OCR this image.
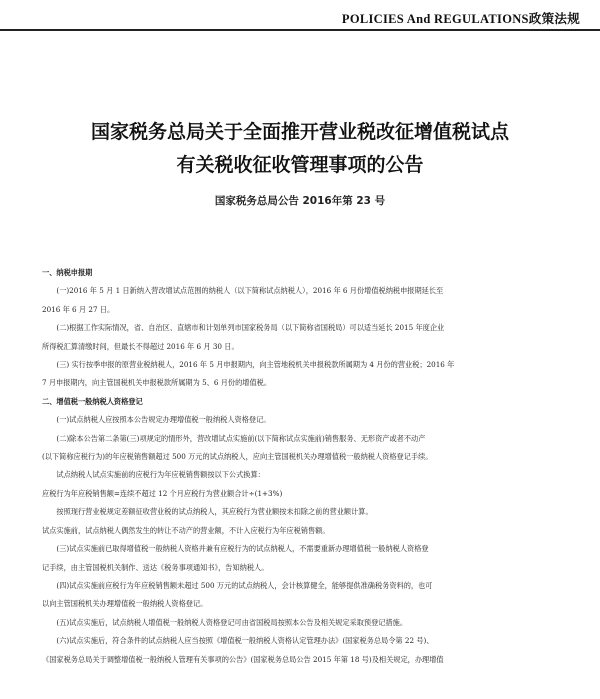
POLICIES And REGULATIONS政策法规
国家税务总局关于全面推开营业税改征增值税试点
有关税收征收管理事项的公告
国家税务总局公告 2016年第 23 号

一、纳税申报期

(一)2016 年 5 月 1 日新纳入营改增试点范围的纳税人（以下简称试点纳税人），2016 年 6 月份增值税纳税申报期延长至

2016 年 6 月 27 日。

(二)根据工作实际情况，省、自治区、直辖市和计划单列市国家税务局（以下简称省国税局）可以适当延长 2015 年度企业

所得税汇算清缴时间，但最长不得超过 2016 年 6 月 30 日。

(三) 实行按季申报的原营业税纳税人，2016 年 5 月申报期内，向主管地税机关申报税款所属期为 4 月份的营业税；2016 年

7 月申报期内，向主管国税机关申报税款所属期为 5、6 月份的增值税。

二、增值税一般纳税人资格登记

(一)试点纳税人应按照本公告规定办理增值税一般纳税人资格登记。

(二)除本公告第二条第(三)项规定的情形外，营改增试点实施前(以下简称试点实施前)销售服务、无形资产或者不动产

(以下简称应税行为)的年应税销售额超过 500 万元的试点纳税人，应向主管国税机关办理增值税一般纳税人资格登记手续。

试点纳税人试点实施前的应税行为年应税销售额按以下公式换算：

应税行为年应税销售额=连续不超过 12 个月应税行为营业额合计÷(1+3%)

按照现行营业税规定差额征收营业税的试点纳税人，其应税行为营业额按未扣除之前的营业额计算。

试点实施前，试点纳税人偶然发生的转让不动产的营业额，不计入应税行为年应税销售额。

(三)试点实施前已取得增值税一般纳税人资格并兼有应税行为的试点纳税人，不需要重新办理增值税一般纳税人资格登

记手续，由主管国税机关制作、送达《税务事项通知书》，告知纳税人。

(四)试点实施前应税行为年应税销售额未超过 500 万元的试点纳税人，会计核算健全，能够提供准确税务资料的，也可

以向主管国税机关办理增值税一般纳税人资格登记。

(五)试点实施后，试点纳税人增值税一般纳税人资格登记可由省国税局按照本公告及相关规定采取预登记措施。

(六)试点实施后，符合条件的试点纳税人应当按照《增值税一般纳税人资格认定管理办法》(国家税务总局令第 22 号)、

《国家税务总局关于调整增值税一般纳税人管理有关事项的公告》(国家税务总局公告 2015 年第 18 号)及相关规定，办理增值
